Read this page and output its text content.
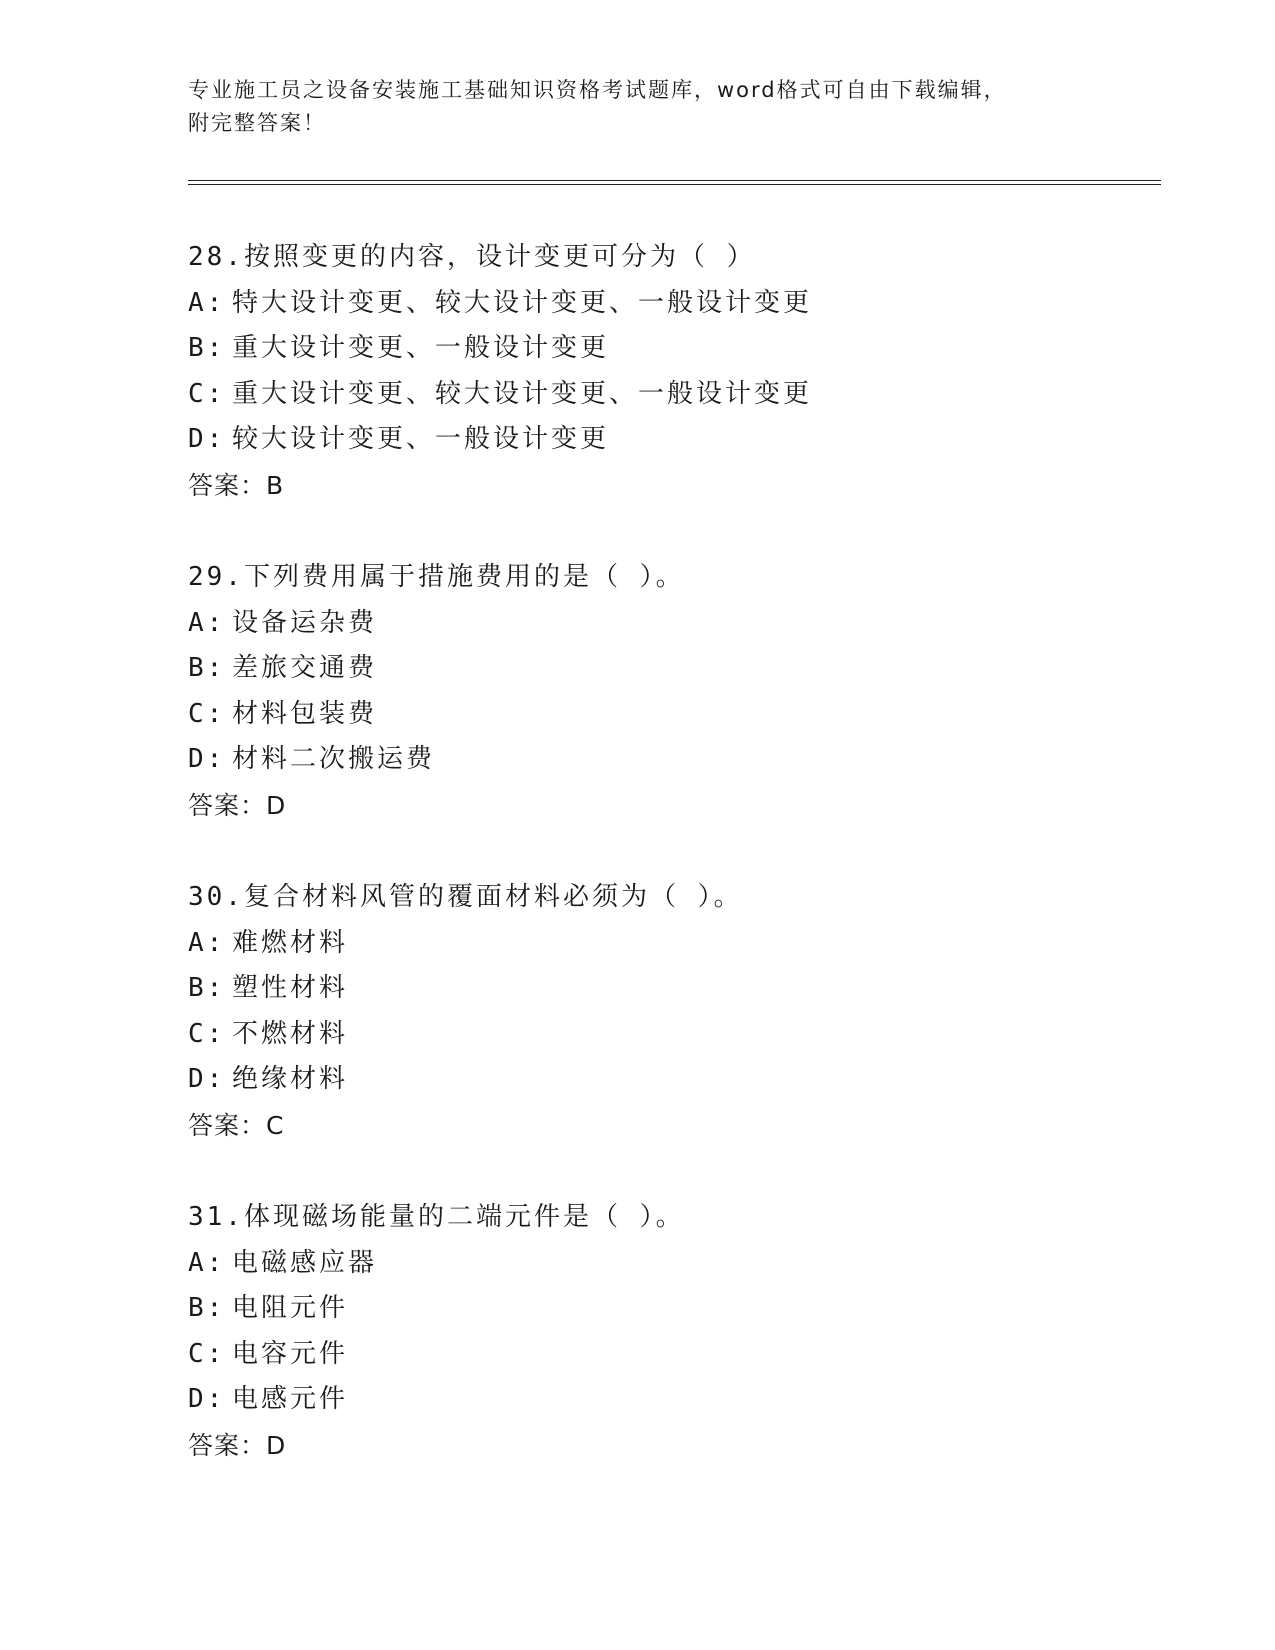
专业施工员之设备安装施工基础知识资格考试题库，word格式可自由下载编辑，
附完整答案！
28.按照变更的内容，设计变更可分为（ ）
A: 特大设计变更、较大设计变更、一般设计变更
B: 重大设计变更、一般设计变更
C: 重大设计变更、较大设计变更、一般设计变更
D: 较大设计变更、一般设计变更
答案：B
29.下列费用属于措施费用的是（ ）。
A: 设备运杂费
B: 差旅交通费
C: 材料包装费
D: 材料二次搬运费
答案：D
30.复合材料风管的覆面材料必须为（ ）。
A: 难燃材料
B: 塑性材料
C: 不燃材料
D: 绝缘材料
答案：C
31.体现磁场能量的二端元件是（ ）。
A: 电磁感应器
B: 电阻元件
C: 电容元件
D: 电感元件
答案：D
